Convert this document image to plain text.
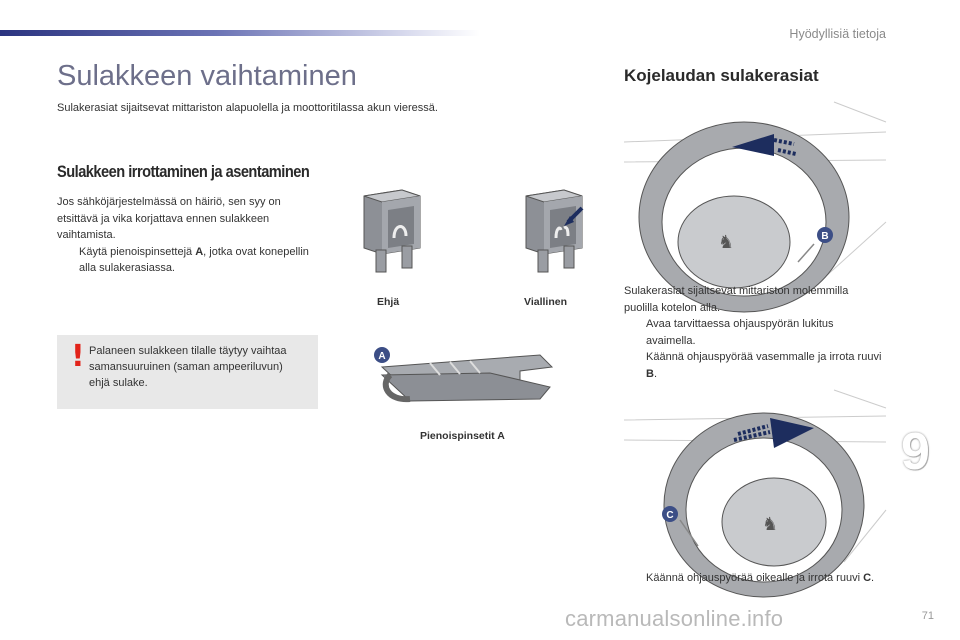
Hyödyllisiä tietoja
Sulakkeen vaihtaminen
Sulakerasiat sijaitsevat mittariston alapuolella ja moottoritilassa akun vieressä.
Sulakkeen irrottaminen ja asentaminen
Jos sähköjärjestelmässä on häiriö, sen syy on etsittävä ja vika korjattava ennen sulakkeen vaihtamista.
Käytä pienoispinsettejä A, jotka ovat konepellin alla sulakerasiassa.
! Palaneen sulakkeen tilalle täytyy vaihtaa samansuuruinen (saman ampeeriluvun) ehjä sulake.
Ehjä	Viallinen
A
Pienoispinsetit A
Kojelaudan sulakerasiat
♞	B
Sulakerasiat sijaitsevat mittariston molemmilla puolilla kotelon alla.
Avaa tarvittaessa ohjauspyörän lukitus avaimella.
Käännä ohjauspyörää vasemmalle ja irrota ruuvi B.
♞
C
Käännä ohjauspyörää oikealle ja irrota ruuvi C.
9
carmanualsonline.info	71
